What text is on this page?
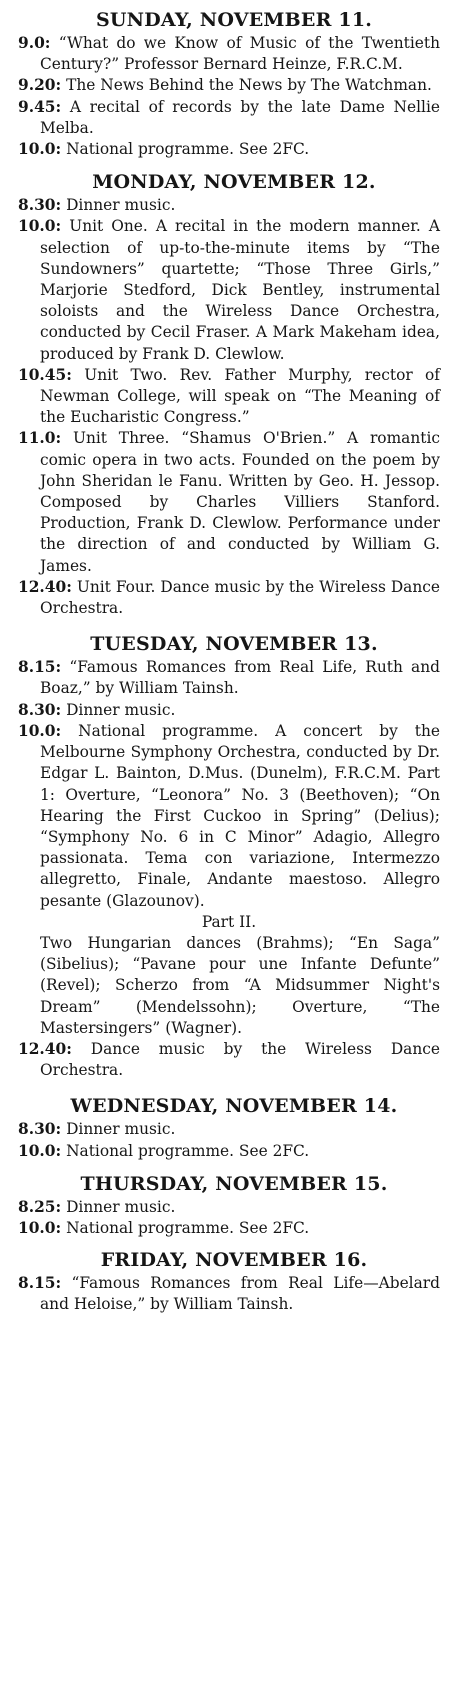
SUNDAY, NOVEMBER 11.

9.0: “What do we Know of Music of the Twentieth Century?” Professor Bernard Heinze, F.R.C.M.

9.20: The News Behind the News by The Watchman.

9.45: A recital of records by the late Dame Nellie Melba.

10.0: National programme. See 2FC.

MONDAY, NOVEMBER 12.

8.30: Dinner music.

10.0: Unit One. A recital in the modern manner. A selection of up-to-the-minute items by “The Sundowners” quartette; “Those Three Girls,” Marjorie Stedford, Dick Bentley, instrumental soloists and the Wireless Dance Orchestra, conducted by Cecil Fraser. A Mark Makeham idea, produced by Frank D. Clewlow.

10.45: Unit Two. Rev. Father Murphy, rector of Newman College, will speak on “The Meaning of the Eucharistic Congress.”

11.0: Unit Three. “Shamus O'Brien.” A romantic comic opera in two acts. Founded on the poem by John Sheridan le Fanu. Written by Geo. H. Jessop. Composed by Charles Villiers Stanford. Production, Frank D. Clewlow. Performance under the direction of and conducted by William G. James.

12.40: Unit Four. Dance music by the Wireless Dance Orchestra.

TUESDAY, NOVEMBER 13.

8.15: “Famous Romances from Real Life, Ruth and Boaz,” by William Tainsh.

8.30: Dinner music.

10.0: National programme. A concert by the Melbourne Symphony Orchestra, conducted by Dr. Edgar L. Bainton, D.Mus. (Dunelm), F.R.C.M. Part 1: Overture, “Leonora” No. 3 (Beethoven); “On Hearing the First Cuckoo in Spring” (Delius); “Symphony No. 6 in C Minor” Adagio, Allegro passionata. Tema con variazione, Intermezzo allegretto, Finale, Andante maestoso. Allegro pesante (Glazounov).

Part II.

Two Hungarian dances (Brahms); “En Saga” (Sibelius); “Pavane pour une Infante Defunte” (Revel); Scherzo from “A Midsummer Night's Dream” (Mendelssohn); Overture, “The Mastersingers” (Wagner).

12.40: Dance music by the Wireless Dance Orchestra.

WEDNESDAY, NOVEMBER 14.

8.30: Dinner music.

10.0: National programme. See 2FC.

THURSDAY, NOVEMBER 15.

8.25: Dinner music.

10.0: National programme. See 2FC.

FRIDAY, NOVEMBER 16.

8.15: “Famous Romances from Real Life—Abelard and Heloise,” by William Tainsh.
